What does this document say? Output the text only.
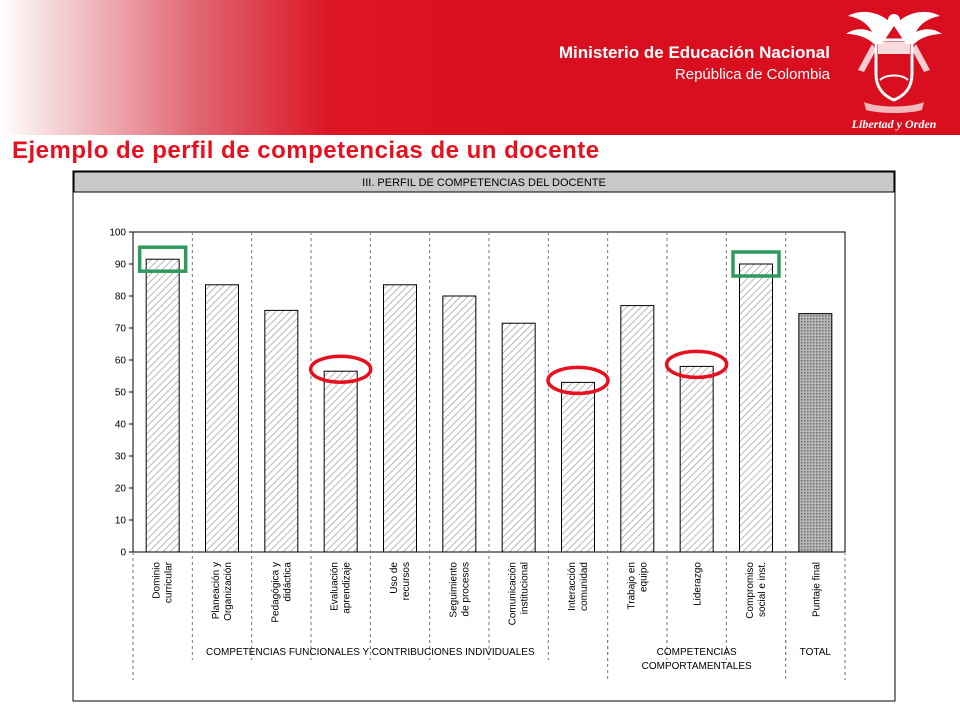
Ministerio de Educación Nacional
República de Colombia
Libertad y Orden
Ejemplo de perfil de competencias de un docente
III. PERFIL DE COMPETENCIAS DEL DOCENTE
0
10
20
30
40
50
60
70
80
90
100
Dominio curricular	Planeación y Organización	Pedagógica y didáctica	Evaluación aprendizaje	Uso de recursos	Seguimiento de procesos	Comunicación institucional	Interacción comunidad	Trabajo en equipo	Liderazgo	Compromiso social e inst.	Puntaje final
COMPETENCIAS FUNCIONALES Y CONTRIBUCIONES INDIVIDUALES	COMPETENCIAS
COMPORTAMENTALES
TOTAL
